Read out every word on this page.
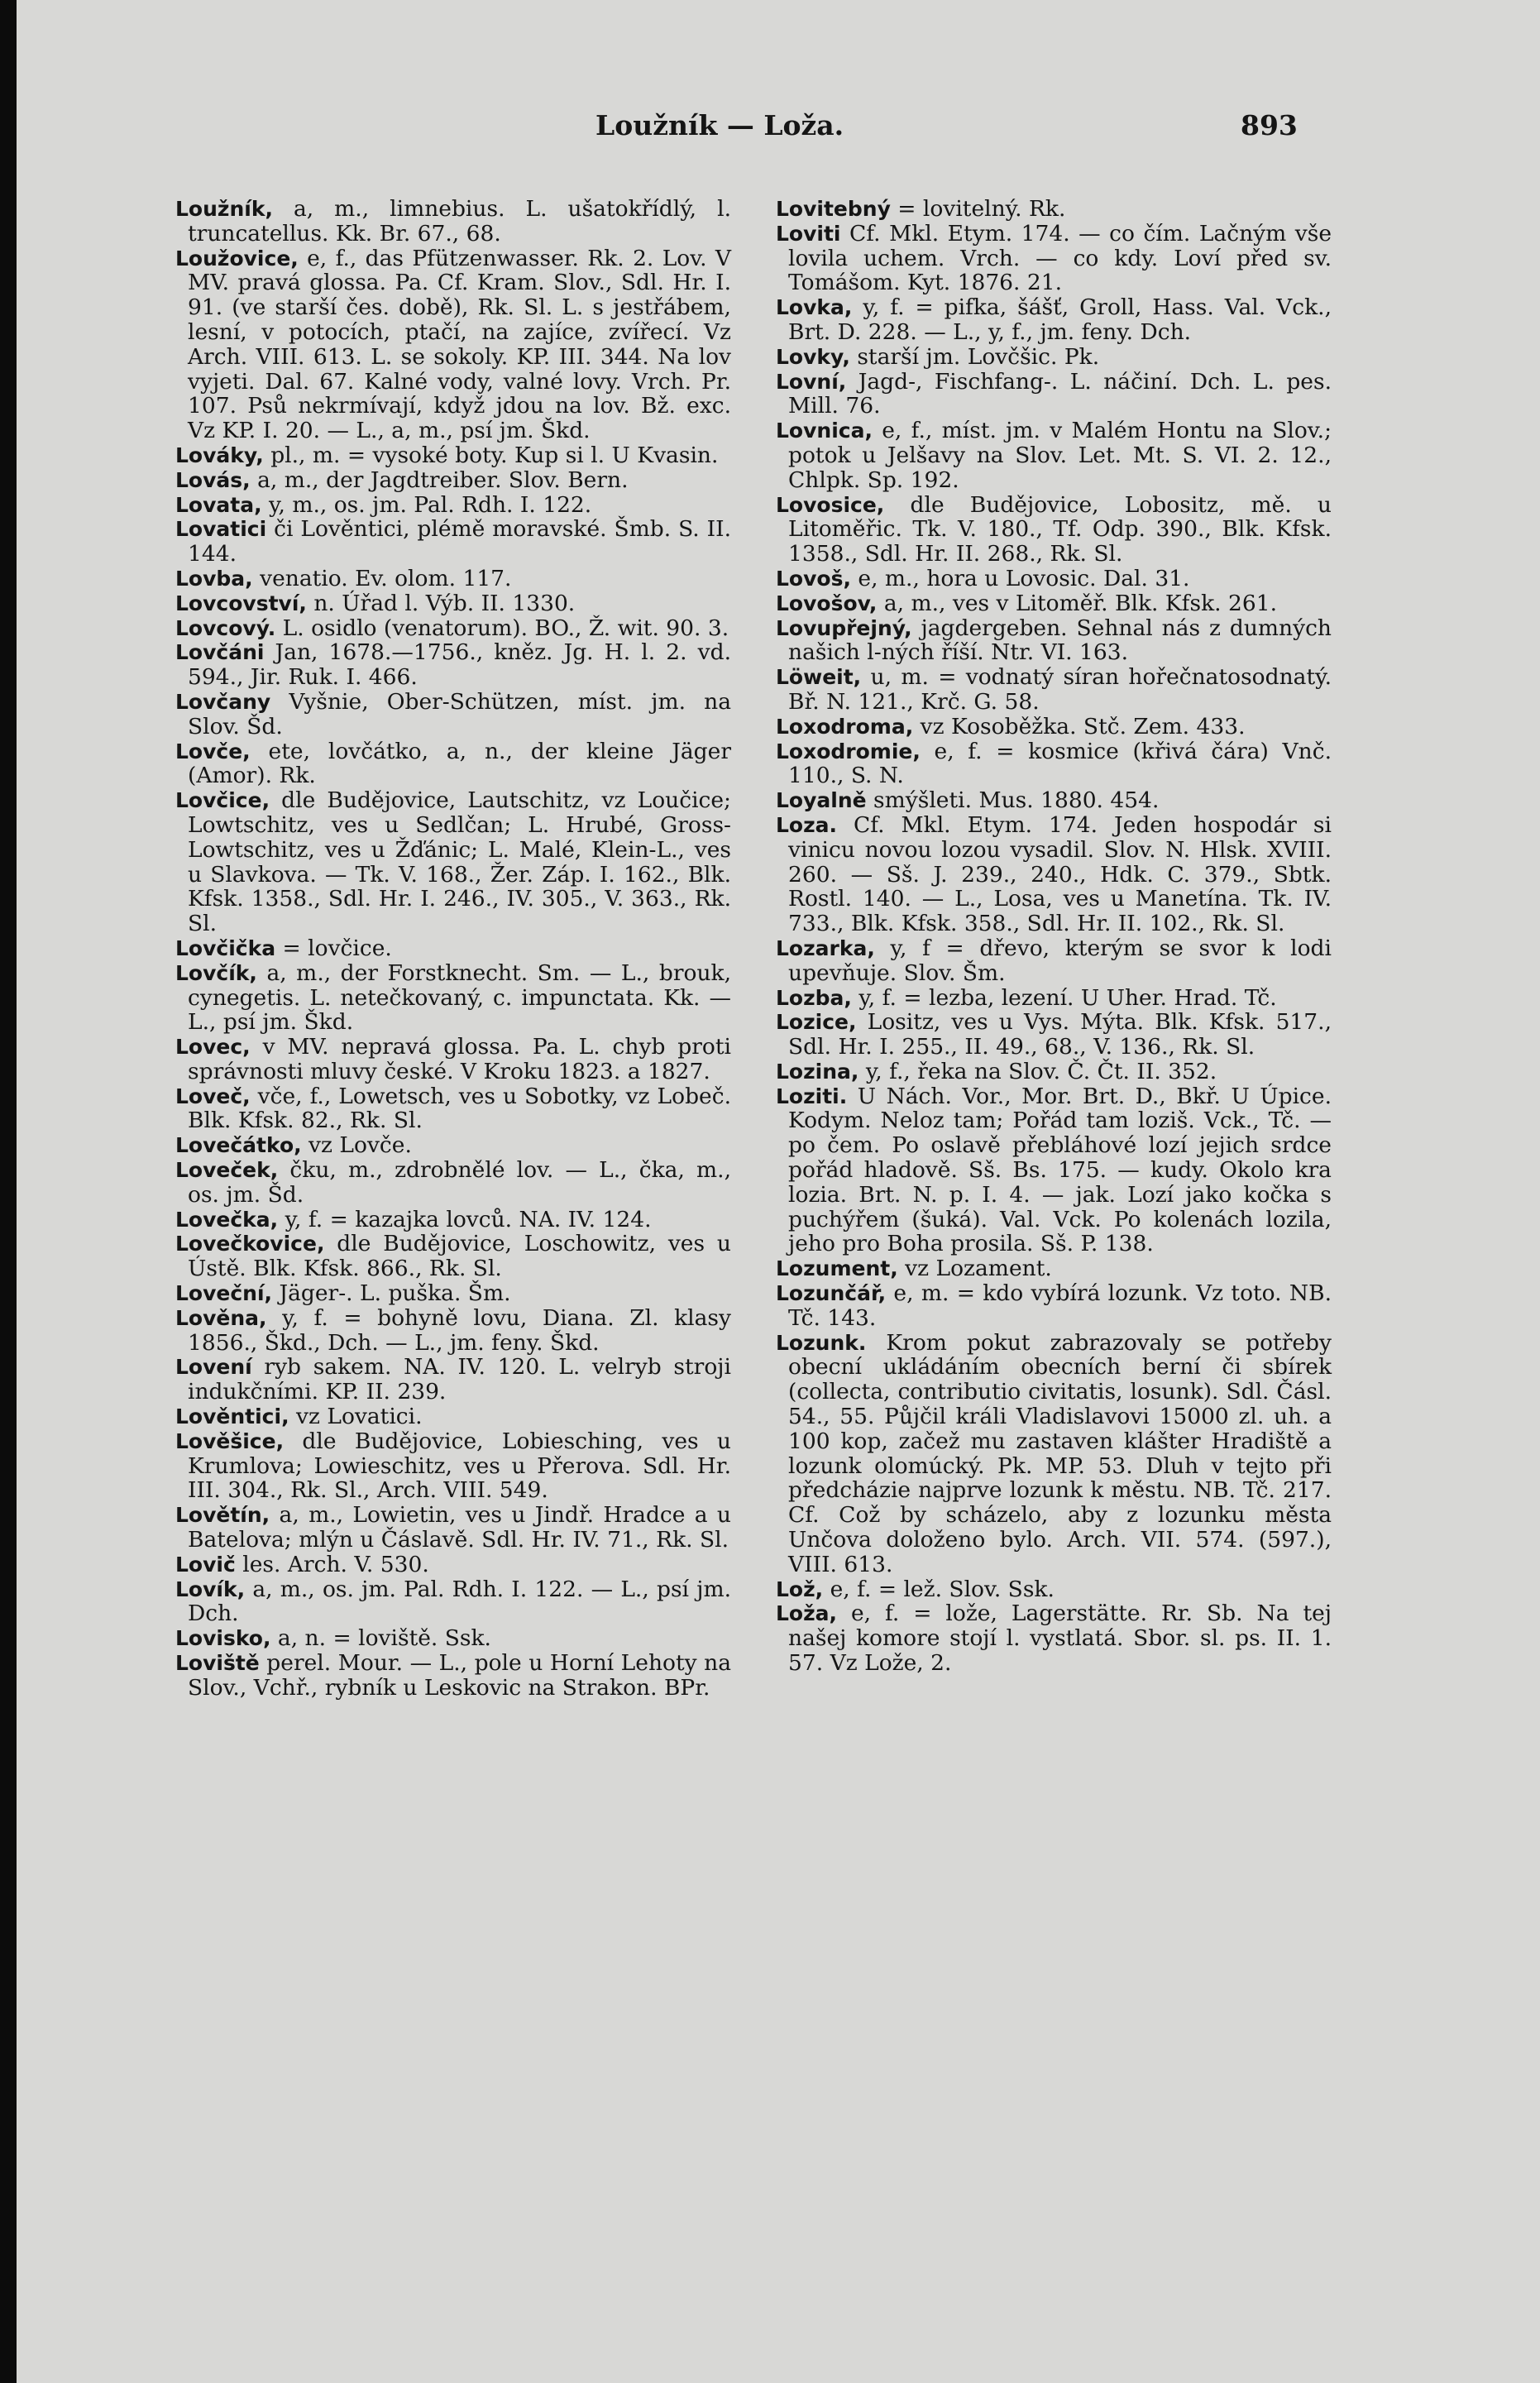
Loužník — Loža.	893

Loužník, a, m., limnebius. L. ušatokřídlý, l. truncatellus. Kk. Br. 67., 68.

Loužovice, e, f., das Pfützenwasser. Rk. 2. Lov. V MV. pravá glossa. Pa. Cf. Kram. Slov., Sdl. Hr. I. 91. (ve starší čes. době), Rk. Sl. L. s jestřábem, lesní, v potocích, ptačí, na zajíce, zvířecí. Vz Arch. VIII. 613. L. se sokoly. KP. III. 344. Na lov vyjeti. Dal. 67. Kalné vody, valné lovy. Vrch. Pr. 107. Psů nekrmívají, když jdou na lov. Bž. exc. Vz KP. I. 20. — L., a, m., psí jm. Škd.

Lováky, pl., m. = vysoké boty. Kup si l. U Kvasin.

Lovás, a, m., der Jagdtreiber. Slov. Bern.

Lovata, y, m., os. jm. Pal. Rdh. I. 122.

Lovatici či Lověntici, plémě moravské. Šmb. S. II. 144.

Lovba, venatio. Ev. olom. 117.

Lovcovství, n. Úřad l. Výb. II. 1330.

Lovcový. L. osidlo (venatorum). BO., Ž. wit. 90. 3.

Lovčáni Jan, 1678.—1756., kněz. Jg. H. l. 2. vd. 594., Jir. Ruk. I. 466.

Lovčany Vyšnie, Ober-Schützen, míst. jm. na Slov. Šd.

Lovče, ete, lovčátko, a, n., der kleine Jäger (Amor). Rk.

Lovčice, dle Budějovice, Lautschitz, vz Loučice; Lowtschitz, ves u Sedlčan; L. Hrubé, Gross-Lowtschitz, ves u Žďánic; L. Malé, Klein-L., ves u Slavkova. — Tk. V. 168., Žer. Záp. I. 162., Blk. Kfsk. 1358., Sdl. Hr. I. 246., IV. 305., V. 363., Rk. Sl.

Lovčička = lovčice.

Lovčík, a, m., der Forstknecht. Sm. — L., brouk, cynegetis. L. netečkovaný, c. impunctata. Kk. — L., psí jm. Škd.

Lovec, v MV. nepravá glossa. Pa. L. chyb proti správnosti mluvy české. V Kroku 1823. a 1827.

Loveč, vče, f., Lowetsch, ves u Sobotky, vz Lobeč. Blk. Kfsk. 82., Rk. Sl.

Lovečátko, vz Lovče.

Loveček, čku, m., zdrobnělé lov. — L., čka, m., os. jm. Šd.

Lovečka, y, f. = kazajka lovců. NA. IV. 124.

Lovečkovice, dle Budějovice, Loschowitz, ves u Ústě. Blk. Kfsk. 866., Rk. Sl.

Loveční, Jäger-. L. puška. Šm.

Lověna, y, f. = bohyně lovu, Diana. Zl. klasy 1856., Škd., Dch. — L., jm. feny. Škd.

Lovení ryb sakem. NA. IV. 120. L. velryb stroji indukčními. KP. II. 239.

Lověntici, vz Lovatici.

Lověšice, dle Budějovice, Lobiesching, ves u Krumlova; Lowieschitz, ves u Přerova. Sdl. Hr. III. 304., Rk. Sl., Arch. VIII. 549.

Lovětín, a, m., Lowietin, ves u Jindř. Hradce a u Batelova; mlýn u Čáslavě. Sdl. Hr. IV. 71., Rk. Sl.

Lovič les. Arch. V. 530.

Lovík, a, m., os. jm. Pal. Rdh. I. 122. — L., psí jm. Dch.

Lovisko, a, n. = loviště. Ssk.

Loviště perel. Mour. — L., pole u Horní Lehoty na Slov., Vchř., rybník u Leskovic na Strakon. BPr.

Lovitebný = lovitelný. Rk.

Loviti Cf. Mkl. Etym. 174. — co čím. Lačným vše lovila uchem. Vrch. — co kdy. Loví před sv. Tomášom. Kyt. 1876. 21.

Lovka, y, f. = pifka, šášť, Groll, Hass. Val. Vck., Brt. D. 228. — L., y, f., jm. feny. Dch.

Lovky, starší jm. Lovčšic. Pk.

Lovní, Jagd-, Fischfang-. L. náčiní. Dch. L. pes. Mill. 76.

Lovnica, e, f., míst. jm. v Malém Hontu na Slov.; potok u Jelšavy na Slov. Let. Mt. S. VI. 2. 12., Chlpk. Sp. 192.

Lovosice, dle Budějovice, Lobositz, mě. u Litoměřic. Tk. V. 180., Tf. Odp. 390., Blk. Kfsk. 1358., Sdl. Hr. II. 268., Rk. Sl.

Lovoš, e, m., hora u Lovosic. Dal. 31.

Lovošov, a, m., ves v Litoměř. Blk. Kfsk. 261.

Lovupřejný, jagdergeben. Sehnal nás z dumných našich l-ných říší. Ntr. VI. 163.

Löweit, u, m. = vodnatý síran hořečnatosodnatý. Bř. N. 121., Krč. G. 58.

Loxodroma, vz Kosoběžka. Stč. Zem. 433.

Loxodromie, e, f. = kosmice (křivá čára) Vnč. 110., S. N.

Loyalně smýšleti. Mus. 1880. 454.

Loza. Cf. Mkl. Etym. 174. Jeden hospodár si vinicu novou lozou vysadil. Slov. N. Hlsk. XVIII. 260. — Sš. J. 239., 240., Hdk. C. 379., Sbtk. Rostl. 140. — L., Losa, ves u Manetína. Tk. IV. 733., Blk. Kfsk. 358., Sdl. Hr. II. 102., Rk. Sl.

Lozarka, y, f = dřevo, kterým se svor k lodi upevňuje. Slov. Šm.

Lozba, y, f. = lezba, lezení. U Uher. Hrad. Tč.

Lozice, Lositz, ves u Vys. Mýta. Blk. Kfsk. 517., Sdl. Hr. I. 255., II. 49., 68., V. 136., Rk. Sl.

Lozina, y, f., řeka na Slov. Č. Čt. II. 352.

Loziti. U Nách. Vor., Mor. Brt. D., Bkř. U Úpice. Kodym. Neloz tam; Pořád tam loziš. Vck., Tč. — po čem. Po oslavě přebláhové lozí jejich srdce pořád hladově. Sš. Bs. 175. — kudy. Okolo kra lozia. Brt. N. p. I. 4. — jak. Lozí jako kočka s puchýřem (šuká). Val. Vck. Po kolenách lozila, jeho pro Boha prosila. Sš. P. 138.

Lozument, vz Lozament.

Lozunčář, e, m. = kdo vybírá lozunk. Vz toto. NB. Tč. 143.

Lozunk. Krom pokut zabrazovaly se potřeby obecní ukládáním obecních berní či sbírek (collecta, contributio civitatis, losunk). Sdl. Čásl. 54., 55. Půjčil králi Vladislavovi 15000 zl. uh. a 100 kop, začež mu zastaven klášter Hradiště a lozunk olomúcký. Pk. MP. 53. Dluh v tejto při předcházie najprve lozunk k městu. NB. Tč. 217. Cf. Což by scházelo, aby z lozunku města Unčova doloženo bylo. Arch. VII. 574. (597.), VIII. 613.

Lož, e, f. = lež. Slov. Ssk.

Loža, e, f. = lože, Lagerstätte. Rr. Sb. Na tej našej komore stojí l. vystlatá. Sbor. sl. ps. II. 1. 57. Vz Lože, 2.
